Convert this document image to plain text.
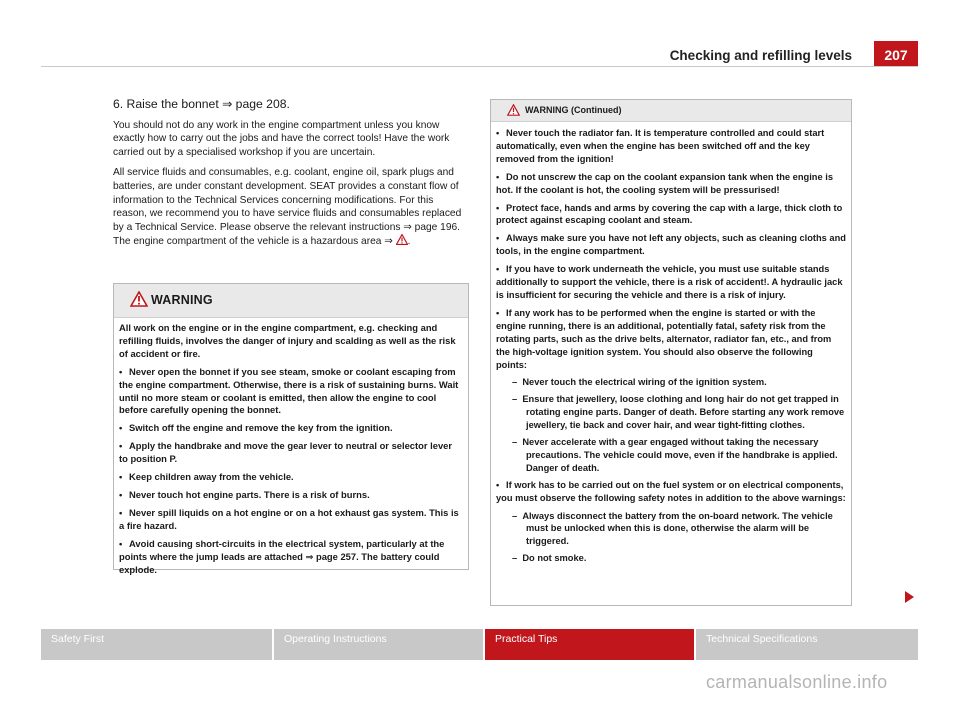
Checking and refilling levels	207

6. Raise the bonnet ⇒ page 208.

You should not do any work in the engine compartment unless you know exactly how to carry out the jobs and have the correct tools! Have the work carried out by a specialised workshop if you are uncertain.

All service fluids and consumables, e.g. coolant, engine oil, spark plugs and batteries, are under constant development. SEAT provides a constant flow of information to the Technical Services concerning modifications. For this reason, we recommend you to have service fluids and consumables replaced by a Technical Service. Please observe the relevant instructions ⇒ page 196. The engine compartment of the vehicle is a hazardous area ⇒ .

WARNING

All work on the engine or in the engine compartment, e.g. checking and refilling fluids, involves the danger of injury and scalding as well as the risk of accident or fire.

• Never open the bonnet if you see steam, smoke or coolant escaping from the engine compartment. Otherwise, there is a risk of sustaining burns. Wait until no more steam or coolant is emitted, then allow the engine to cool before carefully opening the bonnet.

• Switch off the engine and remove the key from the ignition.

• Apply the handbrake and move the gear lever to neutral or selector lever to position P.

• Keep children away from the vehicle.

• Never touch hot engine parts. There is a risk of burns.

• Never spill liquids on a hot engine or on a hot exhaust gas system. This is a fire hazard.

• Avoid causing short-circuits in the electrical system, particularly at the points where the jump leads are attached ⇒ page 257. The battery could explode.

WARNING (Continued)

• Never touch the radiator fan. It is temperature controlled and could start automatically, even when the engine has been switched off and the key removed from the ignition!

• Do not unscrew the cap on the coolant expansion tank when the engine is hot. If the coolant is hot, the cooling system will be pressurised!

• Protect face, hands and arms by covering the cap with a large, thick cloth to protect against escaping coolant and steam.

• Always make sure you have not left any objects, such as cleaning cloths and tools, in the engine compartment.

• If you have to work underneath the vehicle, you must use suitable stands additionally to support the vehicle, there is a risk of accident!. A hydraulic jack is insufficient for securing the vehicle and there is a risk of injury.

• If any work has to be performed when the engine is started or with the engine running, there is an additional, potentially fatal, safety risk from the rotating parts, such as the drive belts, alternator, radiator fan, etc., and from the high-voltage ignition system. You should also observe the following points:

–  Never touch the electrical wiring of the ignition system.

–  Ensure that jewellery, loose clothing and long hair do not get trapped in rotating engine parts. Danger of death. Before starting any work remove jewellery, tie back and cover hair, and wear tight-fitting clothes.

–  Never accelerate with a gear engaged without taking the necessary precautions. The vehicle could move, even if the handbrake is applied. Danger of death.

• If work has to be carried out on the fuel system or on electrical components, you must observe the following safety notes in addition to the above warnings:

–  Always disconnect the battery from the on-board network. The vehicle must be unlocked when this is done, otherwise the alarm will be triggered.

–  Do not smoke.

Safety First	Operating Instructions	Practical Tips	Technical Specifications
carmanualsonline.info
